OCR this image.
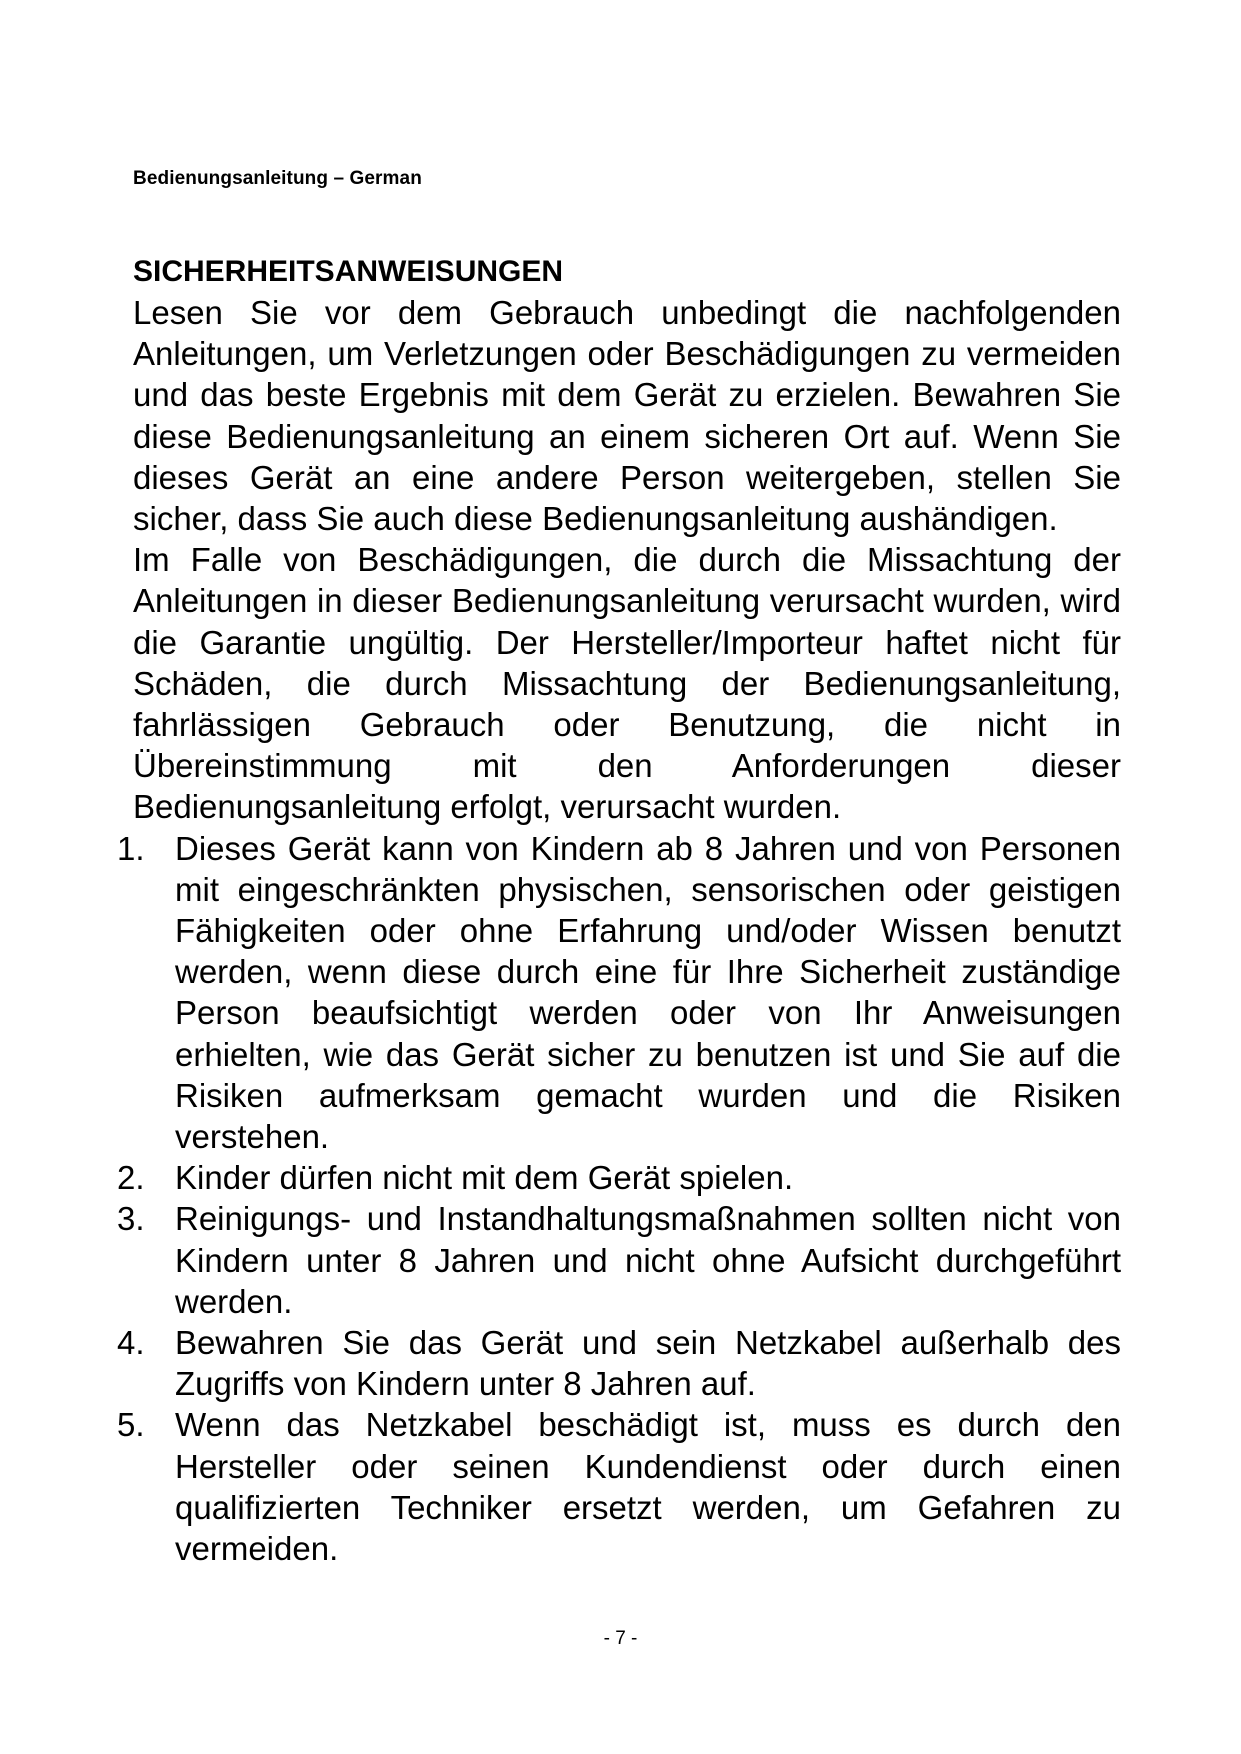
Bedienungsanleitung – German
SICHERHEITSANWEISUNGEN

Lesen Sie vor dem Gebrauch unbedingt die nachfolgenden Anleitungen, um Verletzungen oder Beschädigungen zu vermeiden und das beste Ergebnis mit dem Gerät zu erzielen. Bewahren Sie diese Bedienungsanleitung an einem sicheren Ort auf. Wenn Sie dieses Gerät an eine andere Person weitergeben, stellen Sie sicher, dass Sie auch diese Bedienungsanleitung aushändigen.

Im Falle von Beschädigungen, die durch die Missachtung der Anleitungen in dieser Bedienungsanleitung verursacht wurden, wird die Garantie ungültig. Der Hersteller/Importeur haftet nicht für Schäden, die durch Missachtung der Bedienungsanleitung, fahrlässigen Gebrauch oder Benutzung, die nicht in Übereinstimmung mit den Anforderungen dieser Bedienungsanleitung erfolgt, verursacht wurden.

1. Dieses Gerät kann von Kindern ab 8 Jahren und von Personen mit eingeschränkten physischen, sensorischen oder geistigen Fähigkeiten oder ohne Erfahrung und/oder Wissen benutzt werden, wenn diese durch eine für Ihre Sicherheit zuständige Person beaufsichtigt werden oder von Ihr Anweisungen erhielten, wie das Gerät sicher zu benutzen ist und Sie auf die Risiken aufmerksam gemacht wurden und die Risiken verstehen.
2. Kinder dürfen nicht mit dem Gerät spielen.
3. Reinigungs- und Instandhaltungsmaßnahmen sollten nicht von Kindern unter 8 Jahren und nicht ohne Aufsicht durchgeführt werden.
4. Bewahren Sie das Gerät und sein Netzkabel außerhalb des Zugriffs von Kindern unter 8 Jahren auf.
5. Wenn das Netzkabel beschädigt ist, muss es durch den Hersteller oder seinen Kundendienst oder durch einen qualifizierten Techniker ersetzt werden, um Gefahren zu vermeiden.
- 7 -
